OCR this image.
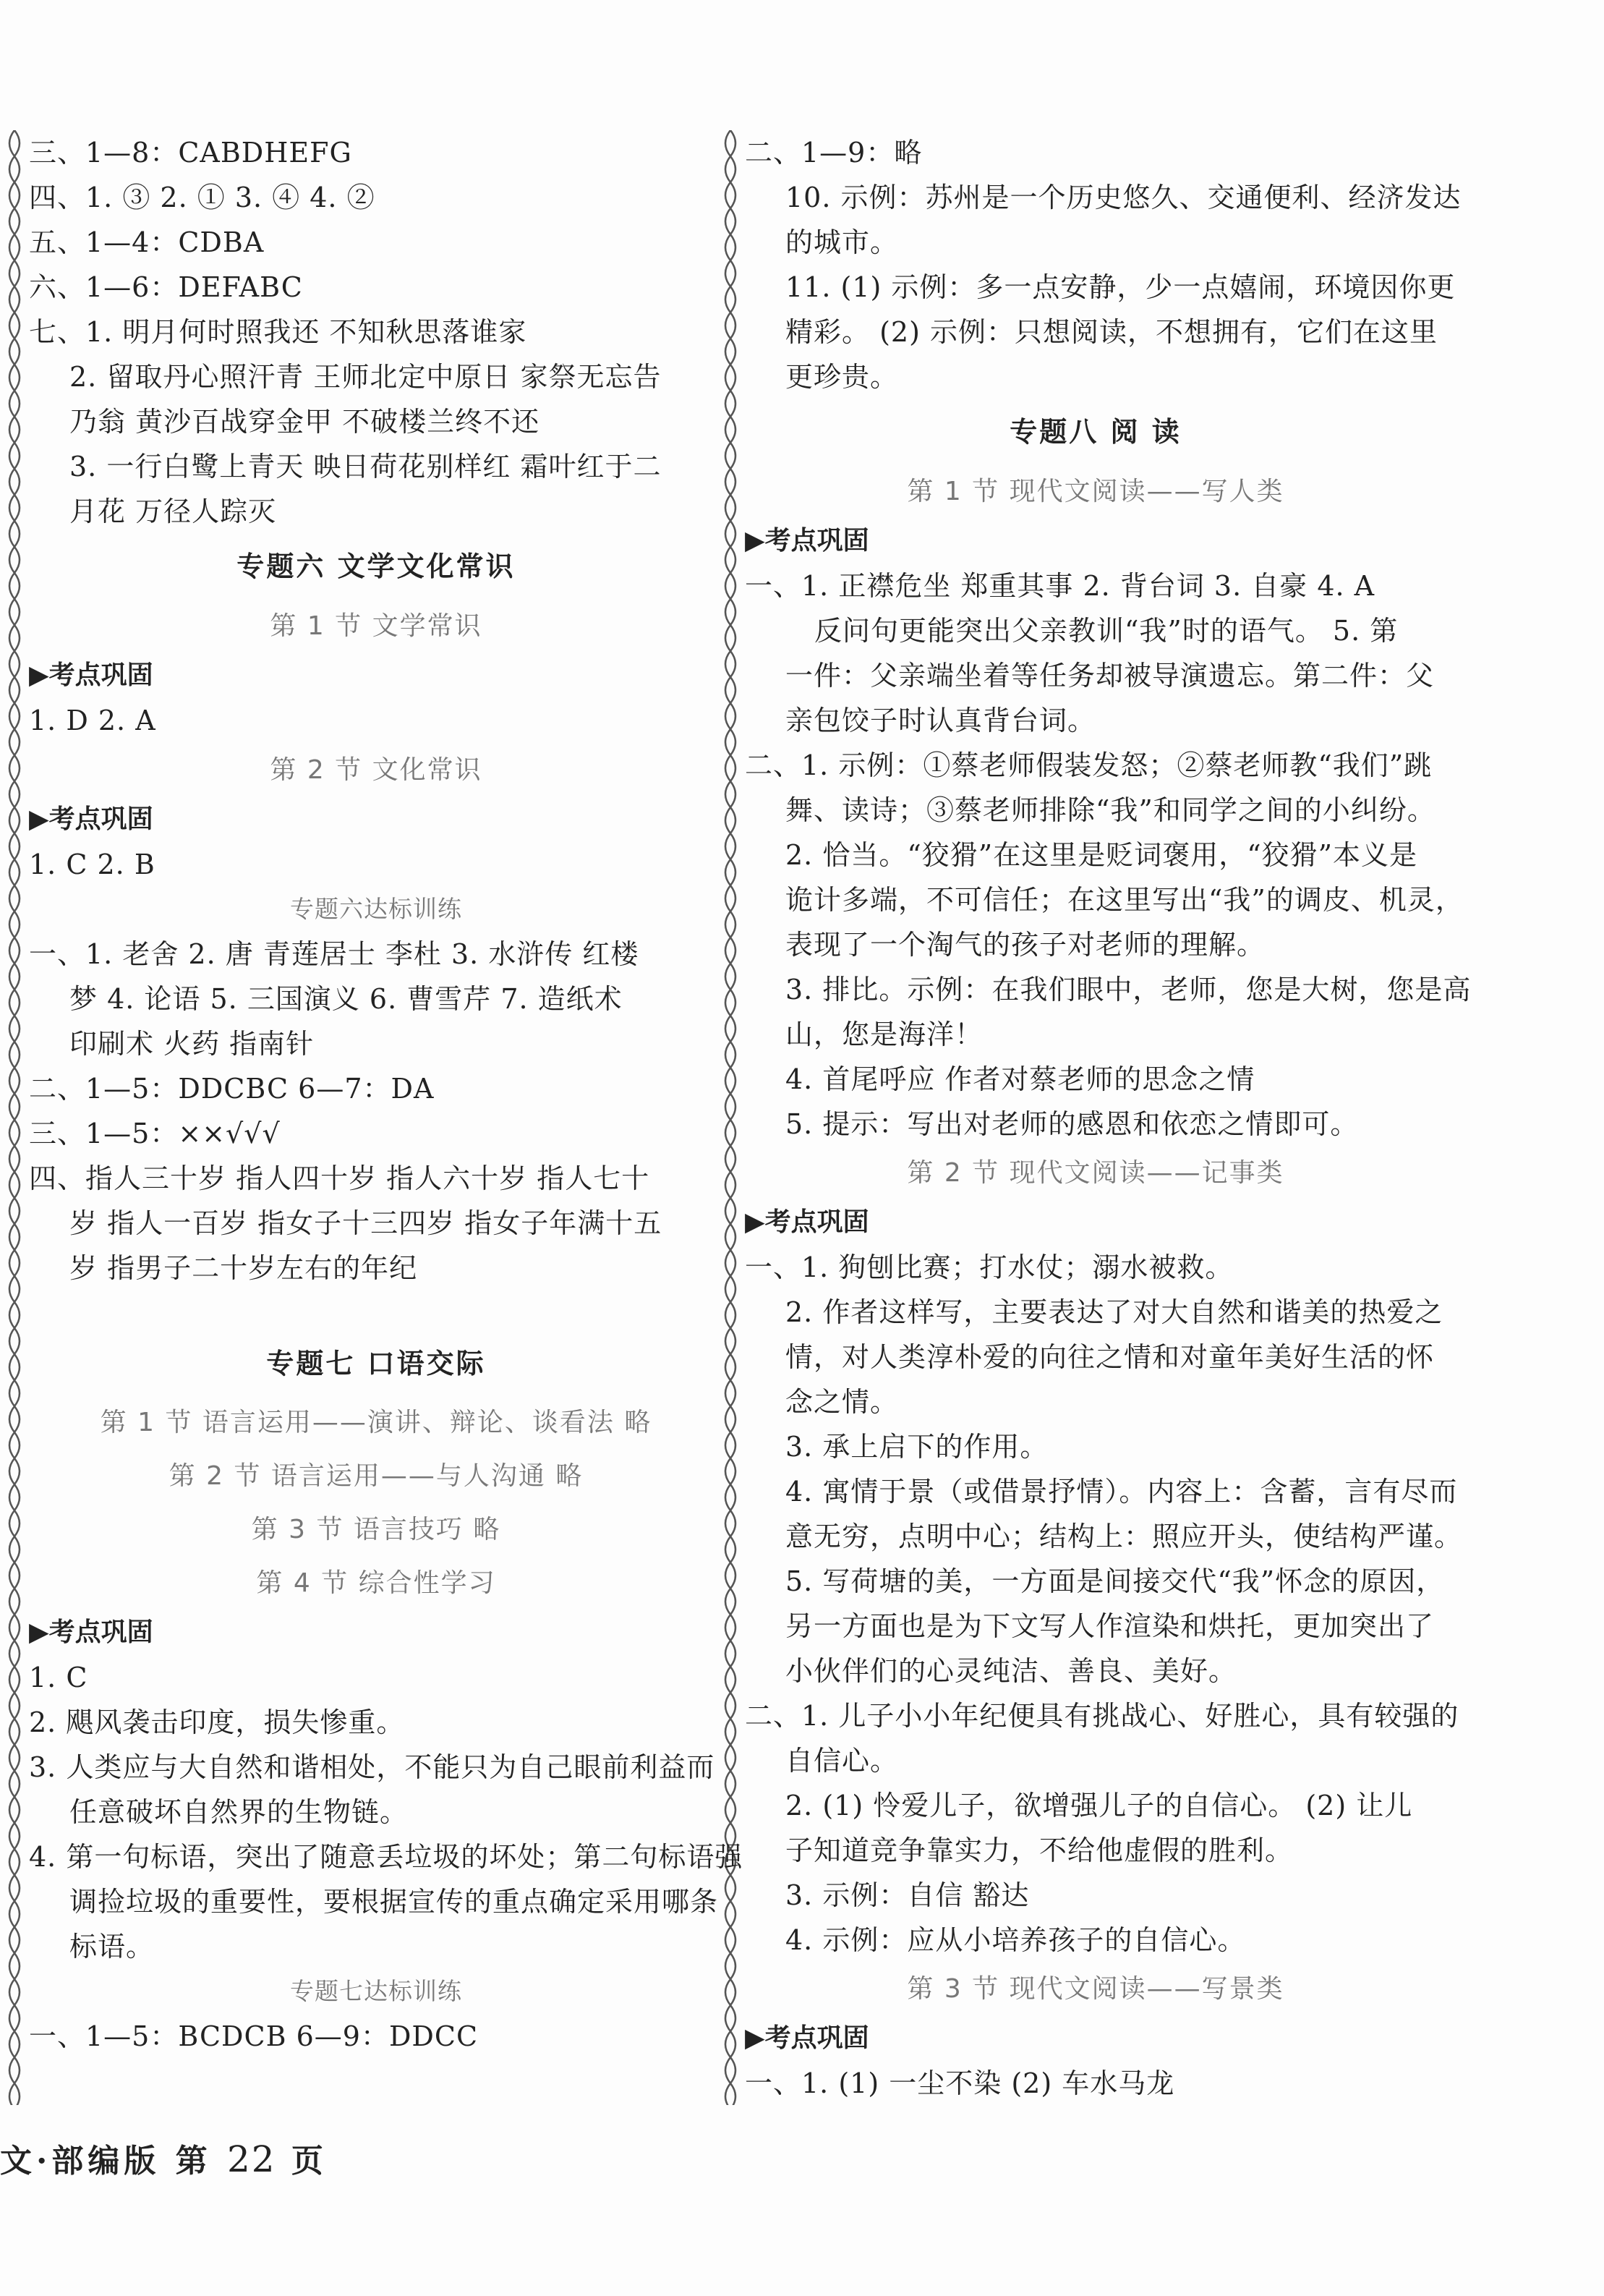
三、1—8：CABDHEFG
四、1. ③ 2. ① 3. ④ 4. ②
五、1—4：CDBA
六、1—6：DEFABC
七、1. 明月何时照我还 不知秋思落谁家
2. 留取丹心照汗青 王师北定中原日 家祭无忘告
乃翁 黄沙百战穿金甲 不破楼兰终不还
3. 一行白鹭上青天 映日荷花别样红 霜叶红于二
月花 万径人踪灭
专题六 文学文化常识
第 1 节 文学常识
▶考点巩固
1. D 2. A
第 2 节 文化常识
▶考点巩固
1. C 2. B
专题六达标训练
一、1. 老舍 2. 唐 青莲居士 李杜 3. 水浒传 红楼
梦 4. 论语 5. 三国演义 6. 曹雪芹 7. 造纸术
印刷术 火药 指南针
二、1—5：DDCBC 6—7：DA
三、1—5：××√√√
四、指人三十岁 指人四十岁 指人六十岁 指人七十
岁 指人一百岁 指女子十三四岁 指女子年满十五
岁 指男子二十岁左右的年纪
专题七 口语交际
第 1 节 语言运用——演讲、辩论、谈看法 略
第 2 节 语言运用——与人沟通 略
第 3 节 语言技巧 略
第 4 节 综合性学习
▶考点巩固
1. C
2. 飓风袭击印度，损失惨重。
3. 人类应与大自然和谐相处，不能只为自己眼前利益而
任意破坏自然界的生物链。
4. 第一句标语，突出了随意丢垃圾的坏处；第二句标语强
调捡垃圾的重要性，要根据宣传的重点确定采用哪条
标语。
专题七达标训练
一、1—5：BCDCB 6—9：DDCC
二、1—9：略
10. 示例：苏州是一个历史悠久、交通便利、经济发达
的城市。
11. (1) 示例：多一点安静，少一点嬉闹，环境因你更
精彩。 (2) 示例：只想阅读，不想拥有，它们在这里
更珍贵。
专题八 阅 读
第 1 节 现代文阅读——写人类
▶考点巩固
一、1. 正襟危坐 郑重其事 2. 背台词 3. 自豪 4. A
反问句更能突出父亲教训“我”时的语气。 5. 第
一件：父亲端坐着等任务却被导演遗忘。第二件：父
亲包饺子时认真背台词。
二、1. 示例：①蔡老师假装发怒；②蔡老师教“我们”跳
舞、读诗；③蔡老师排除“我”和同学之间的小纠纷。
2. 恰当。“狡猾”在这里是贬词褒用，“狡猾”本义是
诡计多端，不可信任；在这里写出“我”的调皮、机灵，
表现了一个淘气的孩子对老师的理解。
3. 排比。示例：在我们眼中，老师，您是大树，您是高
山，您是海洋！
4. 首尾呼应 作者对蔡老师的思念之情
5. 提示：写出对老师的感恩和依恋之情即可。
第 2 节 现代文阅读——记事类
▶考点巩固
一、1. 狗刨比赛；打水仗；溺水被救。
2. 作者这样写，主要表达了对大自然和谐美的热爱之
情，对人类淳朴爱的向往之情和对童年美好生活的怀
念之情。
3. 承上启下的作用。
4. 寓情于景（或借景抒情）。内容上：含蓄，言有尽而
意无穷，点明中心；结构上：照应开头，使结构严谨。
5. 写荷塘的美，一方面是间接交代“我”怀念的原因，
另一方面也是为下文写人作渲染和烘托，更加突出了
小伙伴们的心灵纯洁、善良、美好。
二、1. 儿子小小年纪便具有挑战心、好胜心，具有较强的
自信心。
2. (1) 怜爱儿子，欲增强儿子的自信心。 (2) 让儿
子知道竞争靠实力，不给他虚假的胜利。
3. 示例：自信 豁达
4. 示例：应从小培养孩子的自信心。
第 3 节 现代文阅读——写景类
▶考点巩固
一、1. (1) 一尘不染 (2) 车水马龙
文·部编版 第 22 页
